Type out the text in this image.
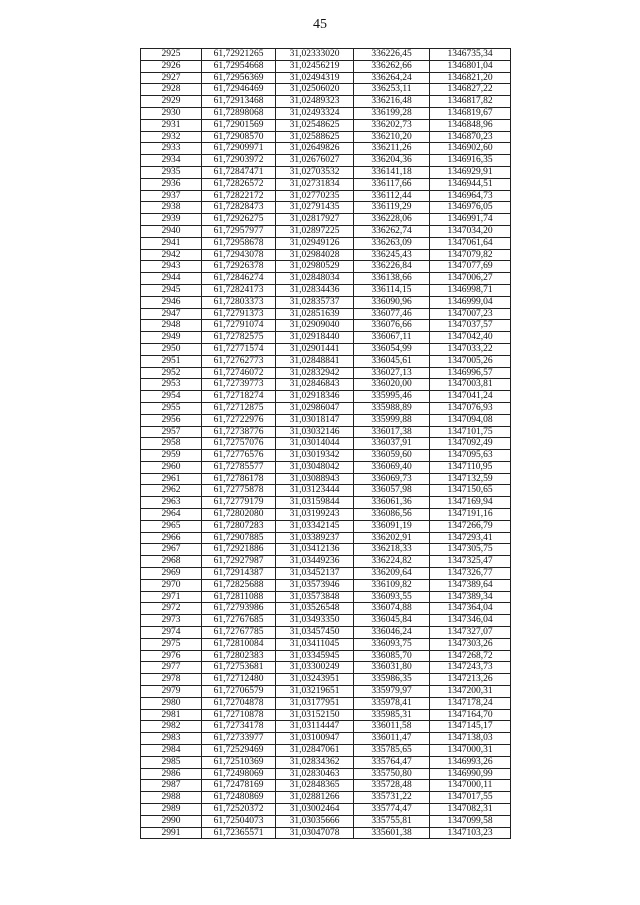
45
2925	61,72921265	31,02333020	336226,45	1346735,34
2926	61,72954668	31,02456219	336262,66	1346801,04
2927	61,72956369	31,02494319	336264,24	1346821,20
2928	61,72946469	31,02506020	336253,11	1346827,22
2929	61,72913468	31,02489323	336216,48	1346817,82
2930	61,72898068	31,02493324	336199,28	1346819,67
2931	61,72901569	31,02548625	336202,73	1346848,96
2932	61,72908570	31,02588625	336210,20	1346870,23
2933	61,72909971	31,02649826	336211,26	1346902,60
2934	61,72903972	31,02676027	336204,36	1346916,35
2935	61,72847471	31,02703532	336141,18	1346929,91
2936	61,72826572	31,02731834	336117,66	1346944,51
2937	61,72822172	31,02770235	336112,44	1346964,73
2938	61,72828473	31,02791435	336119,29	1346976,05
2939	61,72926275	31,02817927	336228,06	1346991,74
2940	61,72957977	31,02897225	336262,74	1347034,20
2941	61,72958678	31,02949126	336263,09	1347061,64
2942	61,72943078	31,02984028	336245,43	1347079,82
2943	61,72926378	31,02980529	336226,84	1347077,69
2944	61,72846274	31,02848034	336138,66	1347006,27
2945	61,72824173	31,02834436	336114,15	1346998,71
2946	61,72803373	31,02835737	336090,96	1346999,04
2947	61,72791373	31,02851639	336077,46	1347007,23
2948	61,72791074	31,02909040	336076,66	1347037,57
2949	61,72782575	31,02918440	336067,11	1347042,40
2950	61,72771574	31,02901441	336054,99	1347033,22
2951	61,72762773	31,02848841	336045,61	1347005,26
2952	61,72746072	31,02832942	336027,13	1346996,57
2953	61,72739773	31,02846843	336020,00	1347003,81
2954	61,72718274	31,02918346	335995,46	1347041,24
2955	61,72712875	31,02986047	335988,89	1347076,93
2956	61,72722976	31,03018147	335999,88	1347094,08
2957	61,72738776	31,03032146	336017,38	1347101,75
2958	61,72757076	31,03014044	336037,91	1347092,49
2959	61,72776576	31,03019342	336059,60	1347095,63
2960	61,72785577	31,03048042	336069,40	1347110,95
2961	61,72786178	31,03088943	336069,73	1347132,59
2962	61,72775878	31,03123444	336057,98	1347150,65
2963	61,72779179	31,03159844	336061,36	1347169,94
2964	61,72802080	31,03199243	336086,56	1347191,16
2965	61,72807283	31,03342145	336091,19	1347266,79
2966	61,72907885	31,03389237	336202,91	1347293,41
2967	61,72921886	31,03412136	336218,33	1347305,75
2968	61,72927987	31,03449236	336224,82	1347325,47
2969	61,72914387	31,03452137	336209,64	1347326,77
2970	61,72825688	31,03573946	336109,82	1347389,64
2971	61,72811088	31,03573848	336093,55	1347389,34
2972	61,72793986	31,03526548	336074,88	1347364,04
2973	61,72767685	31,03493350	336045,84	1347346,04
2974	61,72767785	31,03457450	336046,24	1347327,07
2975	61,72810084	31,03411045	336093,75	1347303,26
2976	61,72802383	31,03345945	336085,70	1347268,72
2977	61,72753681	31,03300249	336031,80	1347243,73
2978	61,72712480	31,03243951	335986,35	1347213,26
2979	61,72706579	31,03219651	335979,97	1347200,31
2980	61,72704878	31,03177951	335978,41	1347178,24
2981	61,72710878	31,03152150	335985,31	1347164,70
2982	61,72734178	31,03114447	336011,58	1347145,17
2983	61,72733977	31,03100947	336011,47	1347138,03
2984	61,72529469	31,02847061	335785,65	1347000,31
2985	61,72510369	31,02834362	335764,47	1346993,26
2986	61,72498069	31,02830463	335750,80	1346990,99
2987	61,72478169	31,02848365	335728,48	1347000,11
2988	61,72480869	31,02881266	335731,22	1347017,55
2989	61,72520372	31,03002464	335774,47	1347082,31
2990	61,72504073	31,03035666	335755,81	1347099,58
2991	61,72365571	31,03047078	335601,38	1347103,23
